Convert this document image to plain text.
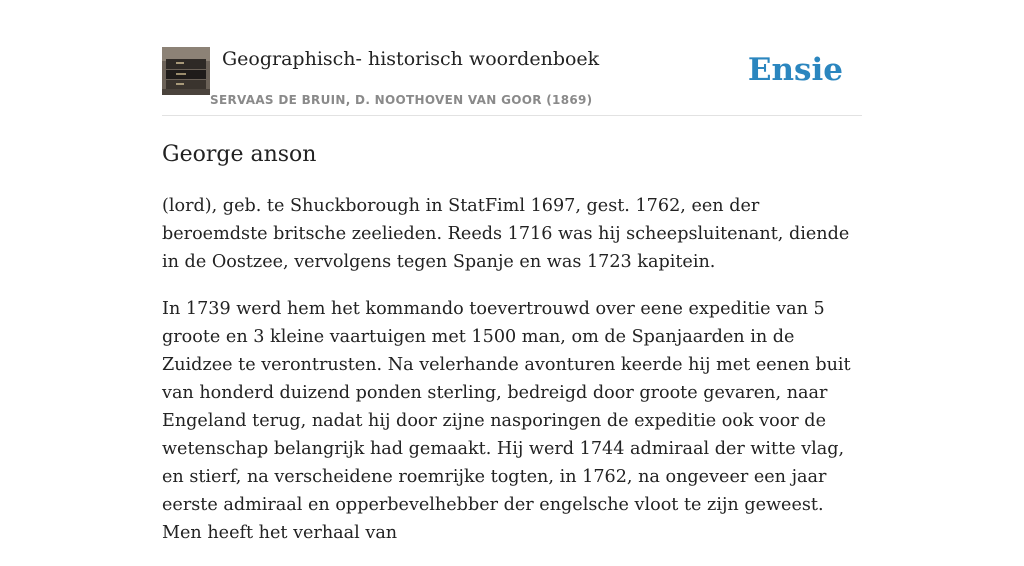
Geographisch- historisch woordenboek
SERVAAS DE BRUIN, D. NOOTHOVEN VAN GOOR (1869)
Ensie
George anson

(lord), geb. te Shuckborough in StatFiml 1697, gest. 1762, een der beroemdste britsche zeelieden. Reeds 1716 was hij scheepsluitenant, diende in de Oostzee, vervolgens tegen Spanje en was 1723 kapitein.

In 1739 werd hem het kommando toevertrouwd over eene expeditie van 5 groote en 3 kleine vaartuigen met 1500 man, om de Spanjaarden in de Zuidzee te verontrusten. Na velerhande avonturen keerde hij met eenen buit van honderd duizend ponden sterling, bedreigd door groote gevaren, naar Engeland terug, nadat hij door zijne nasporingen de expeditie ook voor de wetenschap belangrijk had gemaakt. Hij werd 1744 admiraal der witte vlag, en stierf, na verscheidene roemrijke togten, in 1762, na ongeveer een jaar eerste admiraal en opperbevelhebber der engelsche vloot te zijn geweest. Men heeft het verhaal van
